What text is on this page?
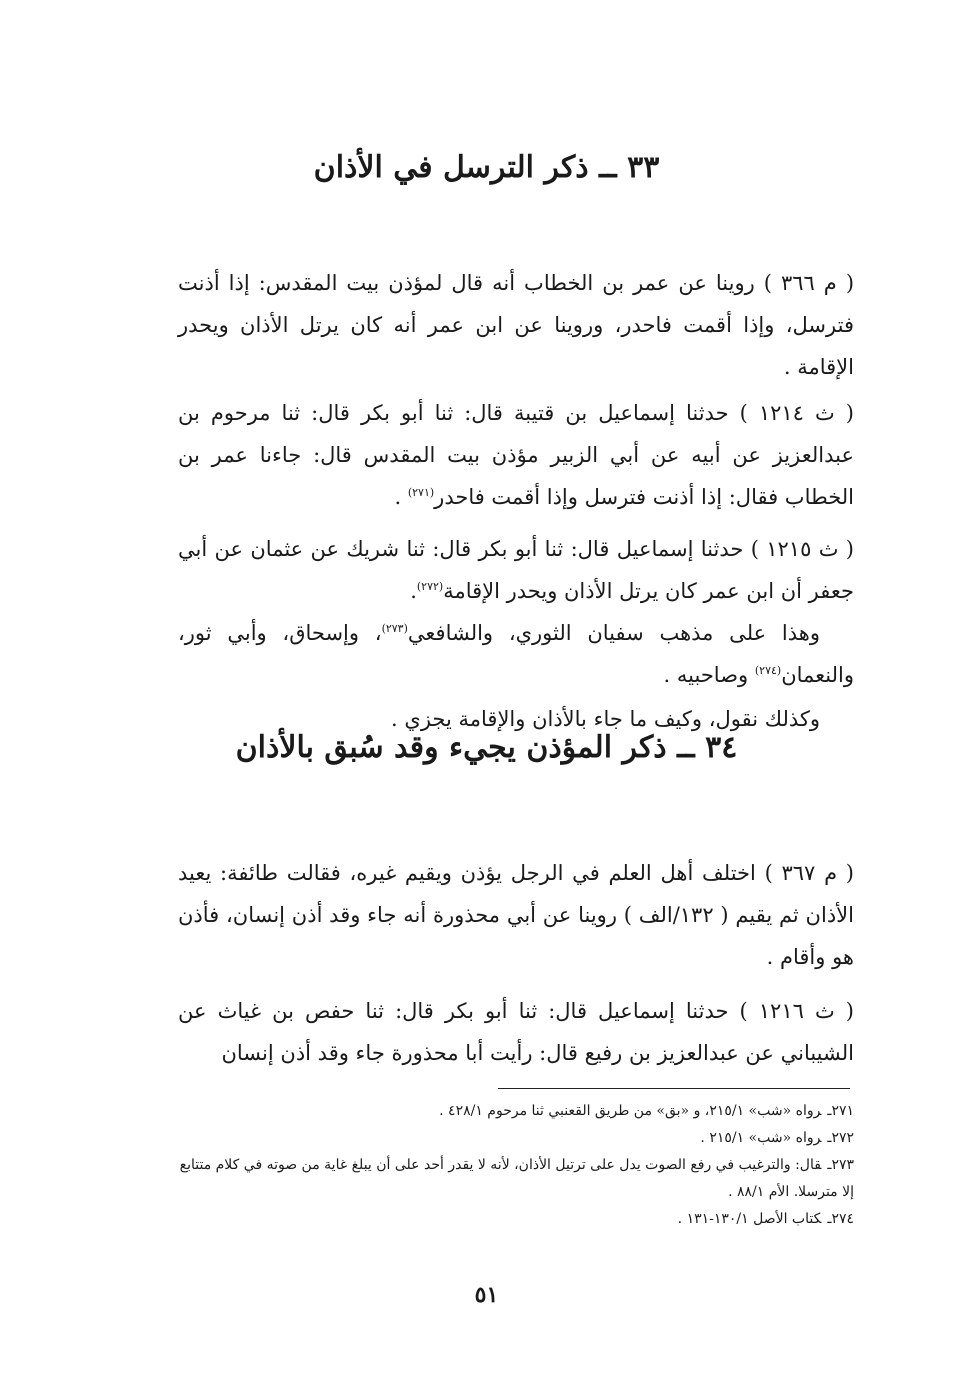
٣٣ ــ ذكر الترسل في الأذان

( م ٣٦٦ ) روينا عن عمر بن الخطاب أنه قال لمؤذن بيت المقدس: إذا أذنت فترسل، وإذا أقمت فاحدر، وروينا عن ابن عمر أنه كان يرتل الأذان ويحدر الإقامة .

( ث ١٢١٤ ) حدثنا إسماعيل بن قتيبة قال: ثنا أبو بكر قال: ثنا مرحوم بن عبدالعزيز عن أبيه عن أبي الزبير مؤذن بيت المقدس قال: جاءنا عمر بن الخطاب فقال: إذا أذنت فترسل وإذا أقمت فاحدر$^{(٢٧١)}$ .

( ث ١٢١٥ ) حدثنا إسماعيل قال: ثنا أبو بكر قال: ثنا شريك عن عثمان عن أبي جعفر أن ابن عمر كان يرتل الأذان ويحدر الإقامة$^{(٢٧٢)}$.

وهذا على مذهب سفيان الثوري، والشافعي$^{(٢٧٣)}$، وإسحاق، وأبي ثور، والنعمان$^{(٢٧٤)}$ وصاحبيه .

وكذلك نقول، وكيف ما جاء بالأذان والإقامة يجزي .

٣٤ ــ ذكر المؤذن يجيء وقد سُبق بالأذان

( م ٣٦٧ ) اختلف أهل العلم في الرجل يؤذن ويقيم غيره، فقالت طائفة: يعيد الأذان ثم يقيم ( ١٣٢/الف ) روينا عن أبي محذورة أنه جاء وقد أذن إنسان، فأذن هو وأقام .

( ث ١٢١٦ ) حدثنا إسماعيل قال: ثنا أبو بكر قال: ثنا حفص بن غياث عن الشيباني عن عبدالعزيز بن رفيع قال: رأيت أبا محذورة جاء وقد أذن إنسان

٢٧١ـرواه «شب» ٢١٥/١، و «بق» من طريق القعنبي ثنا مرحوم ٤٢٨/١ .

٢٧٢ـرواه «شب» ٢١٥/١ .

٢٧٣ـقال: والترغيب في رفع الصوت يدل على ترتيل الأذان، لأنه لا يقدر أحد على أن يبلغ غاية من صوته في كلام متتابع إلا مترسلا. الأم ٨٨/١ .

٢٧٤ـكتاب الأصل ١٣٠/١-١٣١ .

٥١
